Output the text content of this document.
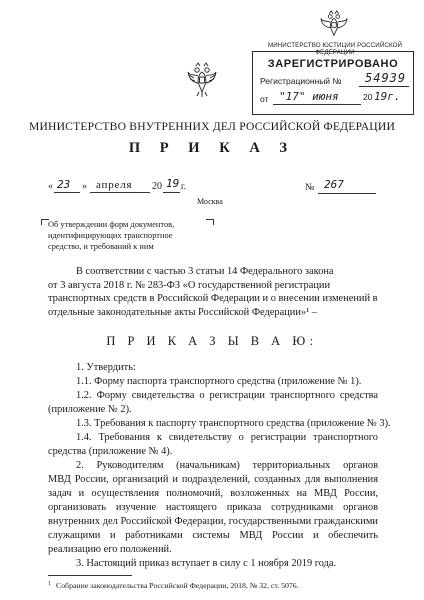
МИНИСТЕРСТВО ЮСТИЦИИ РОССИЙСКОЙ ФЕДЕРАЦИИ
ЗАРЕГИСТРИРОВАНО
Регистрационный № 54939
от "17" июня	20 19г.
МИНИСТЕРСТВО ВНУТРЕННИХ ДЕЛ РОССИЙСКОЙ ФЕДЕРАЦИИ
П Р И К А З
« 23 » апреля 20 19 г.	№ 267
Москва
Об утверждении форм документов,
идентифицирующих транспортное
средство, и требований к ним
В соответствии с частью 3 статьи 14 Федерального закона
от 3 августа 2018 г. № 283-ФЗ «О государственной регистрации
транспортных средств в Российской Федерации и о внесении изменений в
отдельные законодательные акты Российской Федерации»¹ –
П Р И К А З Ы В А Ю:
1. Утвердить:
1.1. Форму паспорта транспортного средства (приложение № 1).
1.2. Форму свидетельства о регистрации транспортного средства
(приложение № 2).
1.3. Требования к паспорту транспортного средства (приложение № 3).
1.4. Требования к свидетельству о регистрации транспортного
средства (приложение № 4).
2. Руководителям (начальникам) территориальных органов
МВД России, организаций и подразделений, созданных для выполнения
задач и осуществления полномочий, возложенных на МВД России,
организовать изучение настоящего приказа сотрудниками органов
внутренних дел Российской Федерации, государственными гражданскими
служащими и работниками системы МВД России и обеспечить
реализацию его положений.
1 Собрание законодательства Российской Федерации, 2018, № 32, ст. 5076.
3. Настоящий приказ вступает в силу с 1 ноября 2019 года.
